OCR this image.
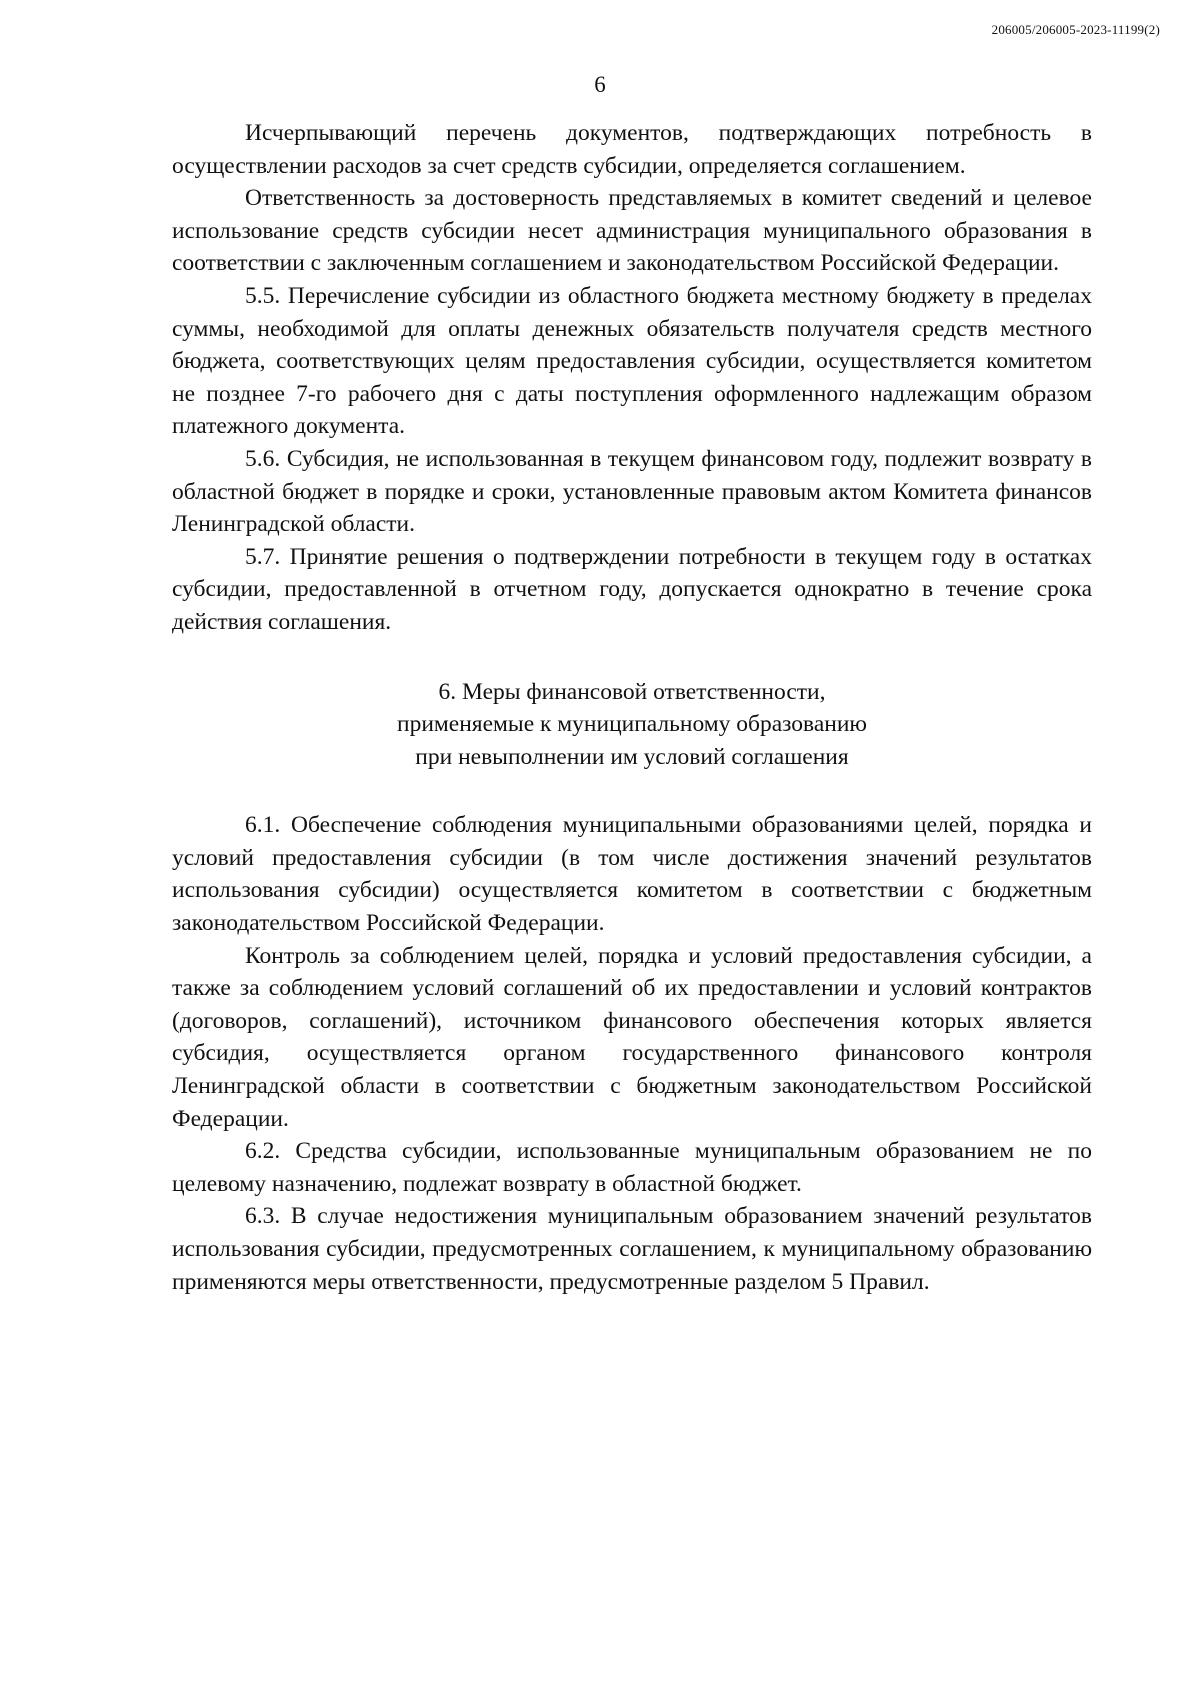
206005/206005-2023-11199(2)
6

Исчерпывающий перечень документов, подтверждающих потребность в осуществлении расходов за счет средств субсидии, определяется соглашением.

Ответственность за достоверность представляемых в комитет сведений и целевое использование средств субсидии несет администрация муниципального образования в соответствии с заключенным соглашением и законодательством Российской Федерации.

5.5. Перечисление субсидии из областного бюджета местному бюджету в пределах суммы, необходимой для оплаты денежных обязательств получателя средств местного бюджета, соответствующих целям предоставления субсидии, осуществляется комитетом не позднее 7-го рабочего дня с даты поступления оформленного надлежащим образом платежного документа.

5.6. Субсидия, не использованная в текущем финансовом году, подлежит возврату в областной бюджет в порядке и сроки, установленные правовым актом Комитета финансов Ленинградской области.

5.7. Принятие решения о подтверждении потребности в текущем году в остатках субсидии, предоставленной в отчетном году, допускается однократно в течение срока действия соглашения.

6. Меры финансовой ответственности,
применяемые к муниципальному образованию
при невыполнении им условий соглашения

6.1. Обеспечение соблюдения муниципальными образованиями целей, порядка и условий предоставления субсидии (в том числе достижения значений результатов использования субсидии) осуществляется комитетом в соответствии с бюджетным законодательством Российской Федерации.

Контроль за соблюдением целей, порядка и условий предоставления субсидии, а также за соблюдением условий соглашений об их предоставлении и условий контрактов (договоров, соглашений), источником финансового обеспечения которых является субсидия, осуществляется органом государственного финансового контроля Ленинградской области в соответствии с бюджетным законодательством Российской Федерации.

6.2. Средства субсидии, использованные муниципальным образованием не по целевому назначению, подлежат возврату в областной бюджет.

6.3. В случае недостижения муниципальным образованием значений результатов использования субсидии, предусмотренных соглашением, к муниципальному образованию применяются меры ответственности, предусмотренные разделом 5 Правил.
